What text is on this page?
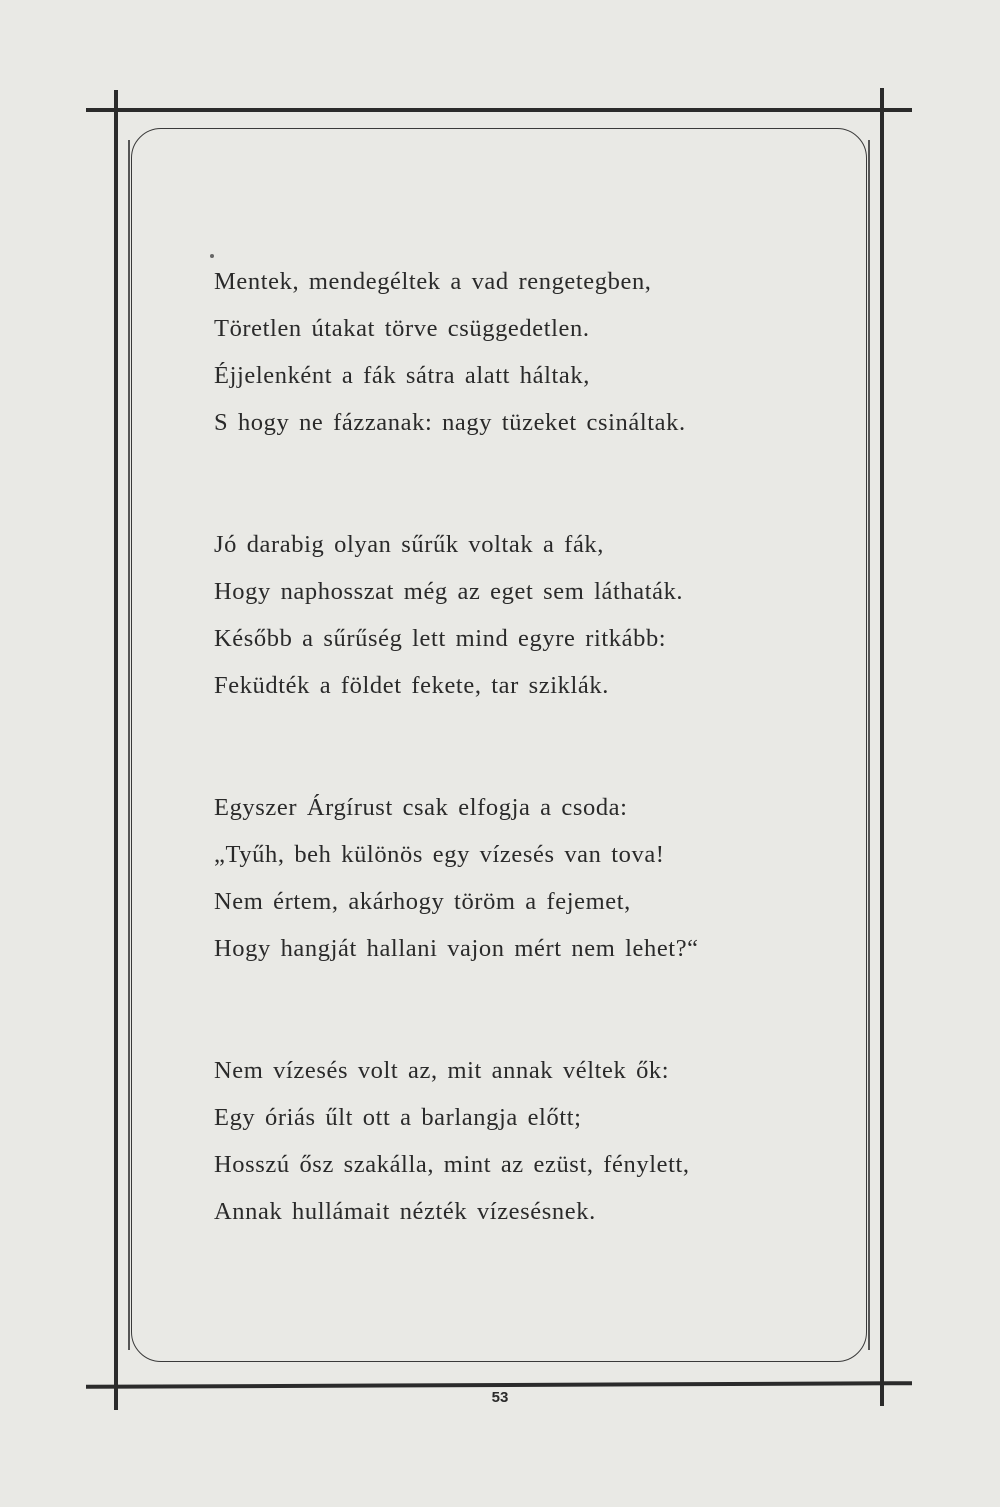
Mentek, mendegéltek a vad rengetegben,
Töretlen útakat törve csüggedetlen.
Éjjelenként a fák sátra alatt háltak,
S hogy ne fázzanak: nagy tüzeket csináltak.
Jó darabig olyan sűrűk voltak a fák,
Hogy naphosszat még az eget sem láthaták.
Később a sűrűség lett mind egyre ritkább:
Feküdték a földet fekete, tar sziklák.
Egyszer Árgírust csak elfogja a csoda:
„Tyűh, beh különös egy vízesés van tova!
Nem értem, akárhogy töröm a fejemet,
Hogy hangját hallani vajon mért nem lehet?“
Nem vízesés volt az, mit annak véltek ők:
Egy óriás űlt ott a barlangja előtt;
Hosszú ősz szakálla, mint az ezüst, fénylett,
Annak hullámait nézték vízesésnek.
53
